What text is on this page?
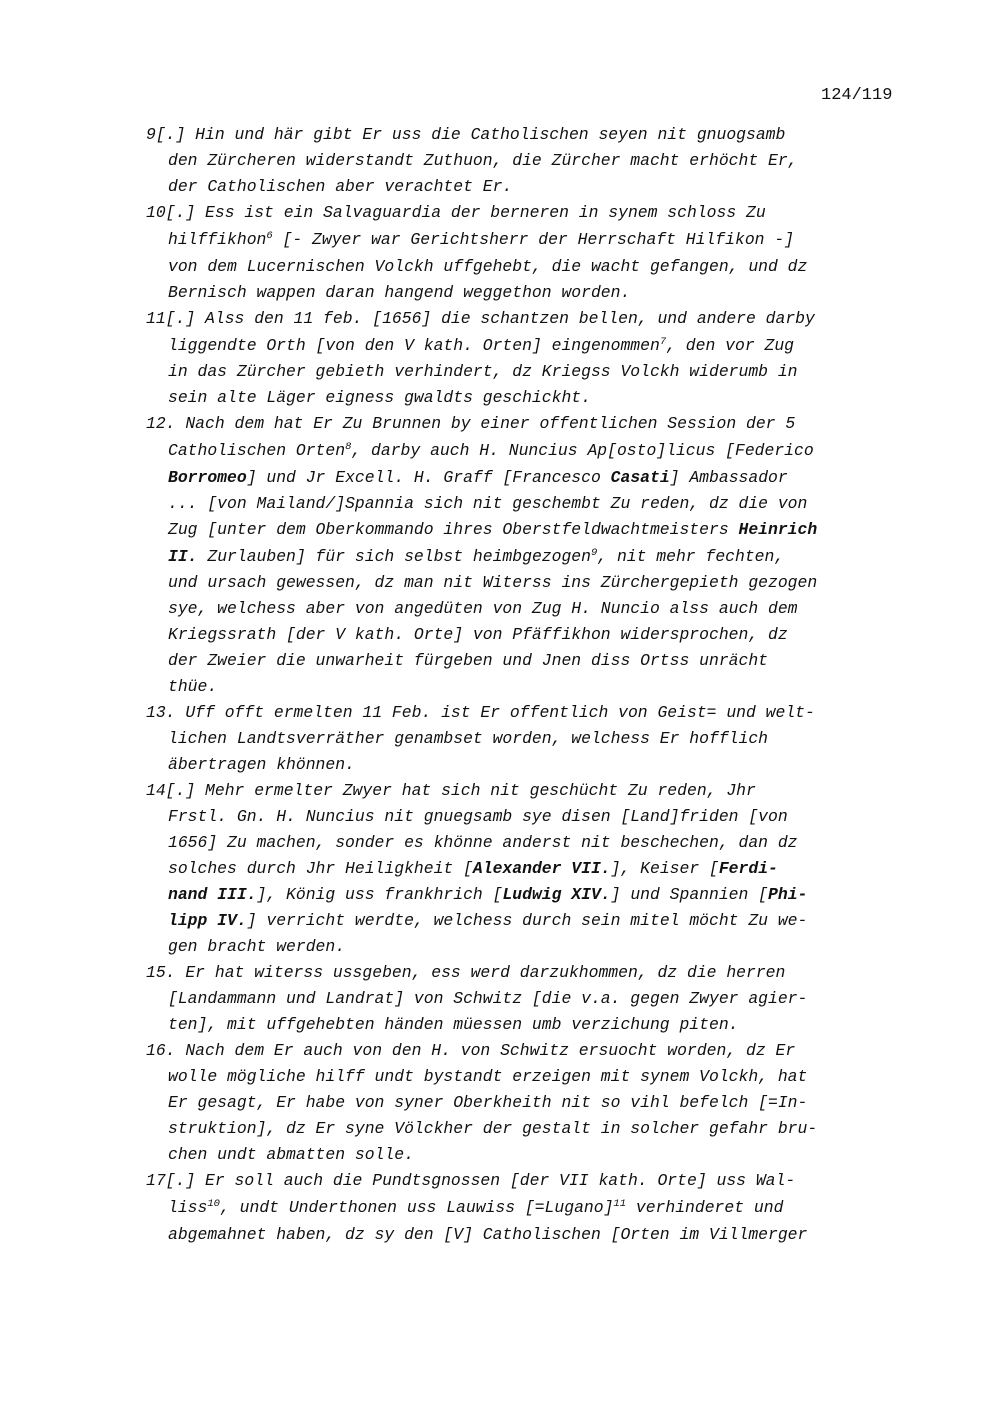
124/119
9[.] Hin und här gibt Er uss die Catholischen seyen nit gnuogsamb
den Zürcheren widerstandt Zuthuon, die Zürcher macht erhöcht Er,
der Catholischen aber verachtet Er.
10[.] Ess ist ein Salvaguardia der berneren in synem schloss Zu
hilffikhon$^6$ [- Zwyer war Gerichtsherr der Herrschaft Hilfikon -]
von dem Lucernischen Volckh uffgehebt, die wacht gefangen, und dz
Bernisch wappen daran hangend weggethon worden.
11[.] Alss den 11 feb. [1656] die schantzen bellen, und andere darby
liggendte Orth [von den V kath. Orten] eingenommen$^7$, den vor Zug
in das Zürcher gebieth verhindert, dz Kriegss Volckh widerumb in
sein alte Läger eigness gwaldts geschickht.
12. Nach dem hat Er Zu Brunnen by einer offentlichen Session der 5
Catholischen Orten$^8$, darby auch H. Nuncius Ap[osto]licus [Federico
Borromeo] und Jr Excell. H. Graff [Francesco Casati] Ambassador
... [von Mailand/]Spannia sich nit geschembt Zu reden, dz die von
Zug [unter dem Oberkommando ihres Oberstfeldwachtmeisters Heinrich
II. Zurlauben] für sich selbst heimbgezogen$^9$, nit mehr fechten,
und ursach gewessen, dz man nit Witerss ins Zürchergepieth gezogen
sye, welchess aber von angedüten von Zug H. Nuncio alss auch dem
Kriegssrath [der V kath. Orte] von Pfäffikhon widersprochen, dz
der Zweier die unwarheit fürgeben und Jnen diss Ortss unrächt
thüe.
13. Uff offt ermelten 11 Feb. ist Er offentlich von Geist= und welt-
lichen Landtsverräther genambset worden, welchess Er hofflich
äbertragen khönnen.
14[.] Mehr ermelter Zwyer hat sich nit geschücht Zu reden, Jhr
Frstl. Gn. H. Nuncius nit gnuegsamb sye disen [Land]friden [von
1656] Zu machen, sonder es khönne anderst nit beschechen, dan dz
solches durch Jhr Heiligkheit [Alexander VII.], Keiser [Ferdi-
nand III.], König uss frankhrich [Ludwig XIV.] und Spannien [Phi-
lipp IV.] verricht werdte, welchess durch sein mitel möcht Zu we-
gen bracht werden.
15. Er hat witerss ussgeben, ess werd darzukhommen, dz die herren
[Landammann und Landrat] von Schwitz [die v.a. gegen Zwyer agier-
ten], mit uffgehebten händen müessen umb verzichung piten.
16. Nach dem Er auch von den H. von Schwitz ersuocht worden, dz Er
wolle mögliche hilff undt bystandt erzeigen mit synem Volckh, hat
Er gesagt, Er habe von syner Oberkheith nit so vihl befelch [=In-
struktion], dz Er syne Völckher der gestalt in solcher gefahr bru-
chen undt abmatten solle.
17[.] Er soll auch die Pundtsgnossen [der VII kath. Orte] uss Wal-
liss$^{10}$, undt Underthonen uss Lauwiss [=Lugano]$^{11}$ verhinderet und
abgemahnet haben, dz sy den [V] Catholischen [Orten im Villmerger
